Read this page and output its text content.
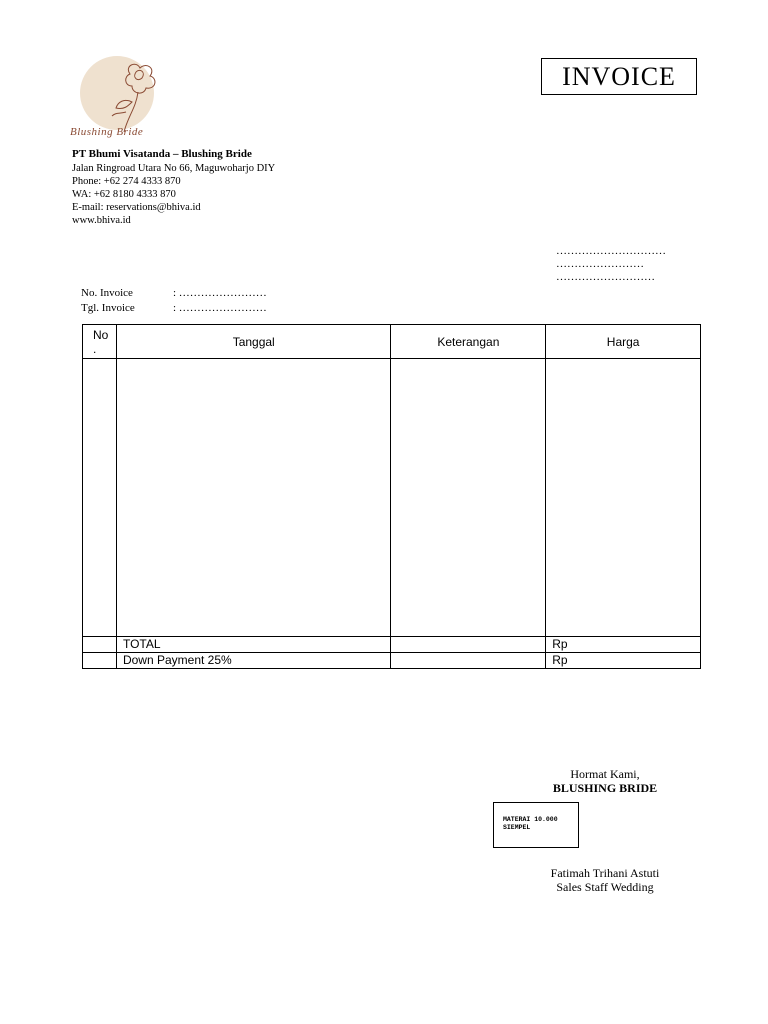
Blushing Bride
PT Bhumi Visatanda – Blushing Bride
Jalan Ringroad Utara No 66, Maguwoharjo DIY
Phone: +62 274 4333 870
WA: +62 8180 4333 870
E-mail: reservations@bhiva.id
www.bhiva.id
INVOICE
…………………………
……………………
………………………
No. Invoice	: ……………………
Tgl. Invoice	: ……………………
No
.	Tanggal	Keterangan	Harga

	TOTAL		Rp
	Down Payment 25%		Rp
Hormat Kami,
BLUSHING BRIDE
MATERAI 10.000
SIEMPEL
Fatimah Trihani Astuti
Sales Staff Wedding
